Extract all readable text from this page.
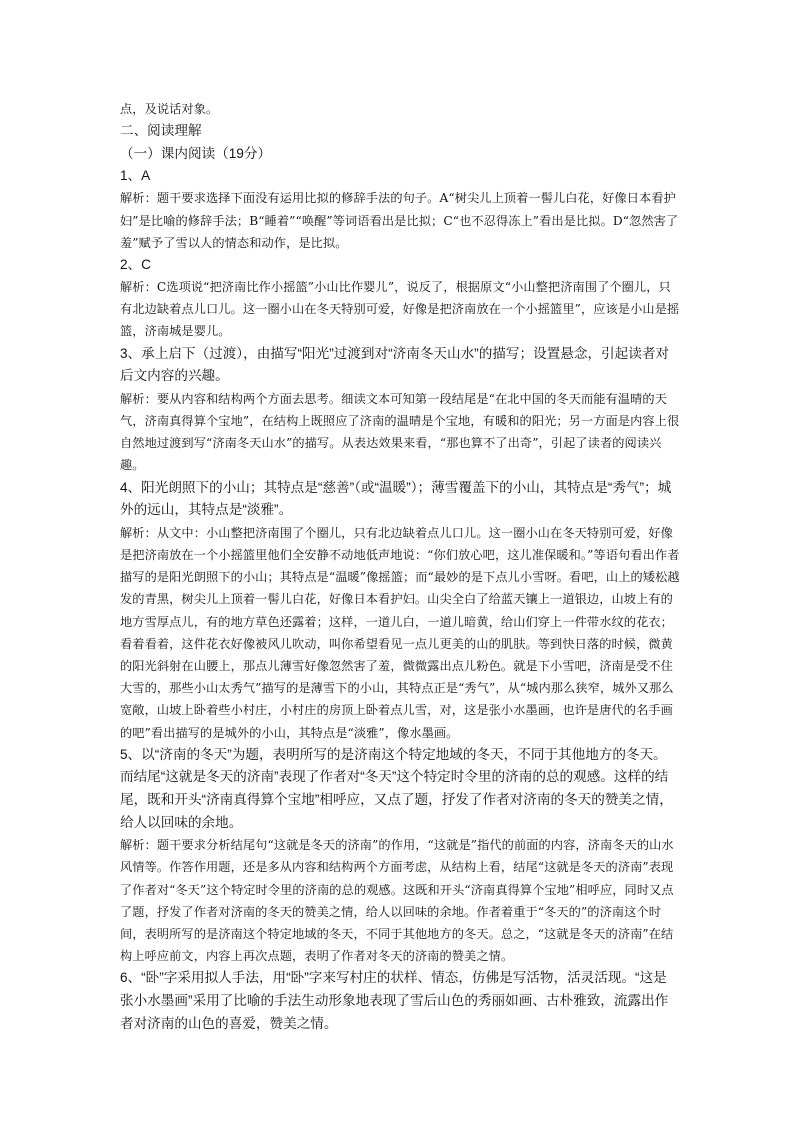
点，及说话对象。

二、阅读理解

（一）课内阅读（19分）

1、A

解析：题干要求选择下面没有运用比拟的修辞手法的句子。A“树尖儿上顶着一髻儿白花，好像日本看护妇”是比喻的修辞手法；B“睡着”“唤醒”等词语看出是比拟；C“也不忍得冻上”看出是比拟。D“忽然害了羞”赋予了雪以人的情态和动作，是比拟。

2、C

解析：C选项说“把济南比作小摇篮”小山比作婴儿”，说反了，根据原文“小山整把济南围了个圈儿，只有北边缺着点儿口儿。这一圈小山在冬天特别可爱，好像是把济南放在一个小摇篮里”，应该是小山是摇篮，济南城是婴儿。

3、承上启下（过渡），由描写“阳光”过渡到对“济南冬天山水”的描写；设置悬念，引起读者对后文内容的兴趣。

解析：要从内容和结构两个方面去思考。细读文本可知第一段结尾是“在北中国的冬天而能有温晴的天气，济南真得算个宝地”，在结构上既照应了济南的温晴是个宝地，有暖和的阳光；另一方面是内容上很自然地过渡到写“济南冬天山水”的描写。从表达效果来看，“那也算不了出奇”，引起了读者的阅读兴趣。

4、阳光朗照下的小山；其特点是“慈善”（或“温暖”）；薄雪覆盖下的小山，其特点是“秀气”；城外的远山，其特点是“淡雅”。

解析：从文中：小山整把济南围了个圈儿，只有北边缺着点儿口儿。这一圈小山在冬天特别可爱，好像是把济南放在一个小摇篮里他们全安静不动地低声地说：“你们放心吧，这儿准保暖和。”等语句看出作者描写的是阳光朗照下的小山；其特点是“温暖”像摇篮；而“最妙的是下点儿小雪呀。看吧，山上的矮松越发的青黑，树尖儿上顶着一髻儿白花，好像日本看护妇。山尖全白了给蓝天镶上一道银边，山坡上有的地方雪厚点儿，有的地方草色还露着；这样，一道儿白，一道儿暗黄，给山们穿上一件带水纹的花衣；看着看着，这件花衣好像被风儿吹动，叫你希望看见一点儿更美的山的肌肤。等到快日落的时候，微黄的阳光斜射在山腰上，那点儿薄雪好像忽然害了羞，微微露出点儿粉色。就是下小雪吧，济南是受不住大雪的，那些小山太秀气”描写的是薄雪下的小山，其特点正是“秀气”，从“城内那么狭窄，城外又那么宽敞，山坡上卧着些小村庄，小村庄的房顶上卧着点儿雪，对，这是张小水墨画，也许是唐代的名手画的吧”看出描写的是城外的小山，其特点是“淡雅”，像水墨画。

5、以“济南的冬天”为题，表明所写的是济南这个特定地域的冬天，不同于其他地方的冬天。而结尾“这就是冬天的济南”表现了作者对“冬天”这个特定时令里的济南的总的观感。这样的结尾，既和开头“济南真得算个宝地”相呼应，又点了题，抒发了作者对济南的冬天的赞美之情，给人以回味的余地。

解析：题干要求分析结尾句“这就是冬天的济南”的作用，“这就是”指代的前面的内容，济南冬天的山水风情等。作答作用题，还是多从内容和结构两个方面考虑，从结构上看，结尾“这就是冬天的济南”表现了作者对“冬天”这个特定时令里的济南的总的观感。这既和开头“济南真得算个宝地”相呼应，同时又点了题，抒发了作者对济南的冬天的赞美之情，给人以回味的余地。作者着重于“冬天的”的济南这个时间，表明所写的是济南这个特定地域的冬天，不同于其他地方的冬天。总之，“这就是冬天的济南”在结构上呼应前文，内容上再次点题，表明了作者对冬天的济南的赞美之情。

6、“卧”字采用拟人手法，用“卧”字来写村庄的状样、情态，仿佛是写活物，活灵活现。“这是张小水墨画”采用了比喻的手法生动形象地表现了雪后山色的秀丽如画、古朴雅致，流露出作者对济南的山色的喜爱，赞美之情。
